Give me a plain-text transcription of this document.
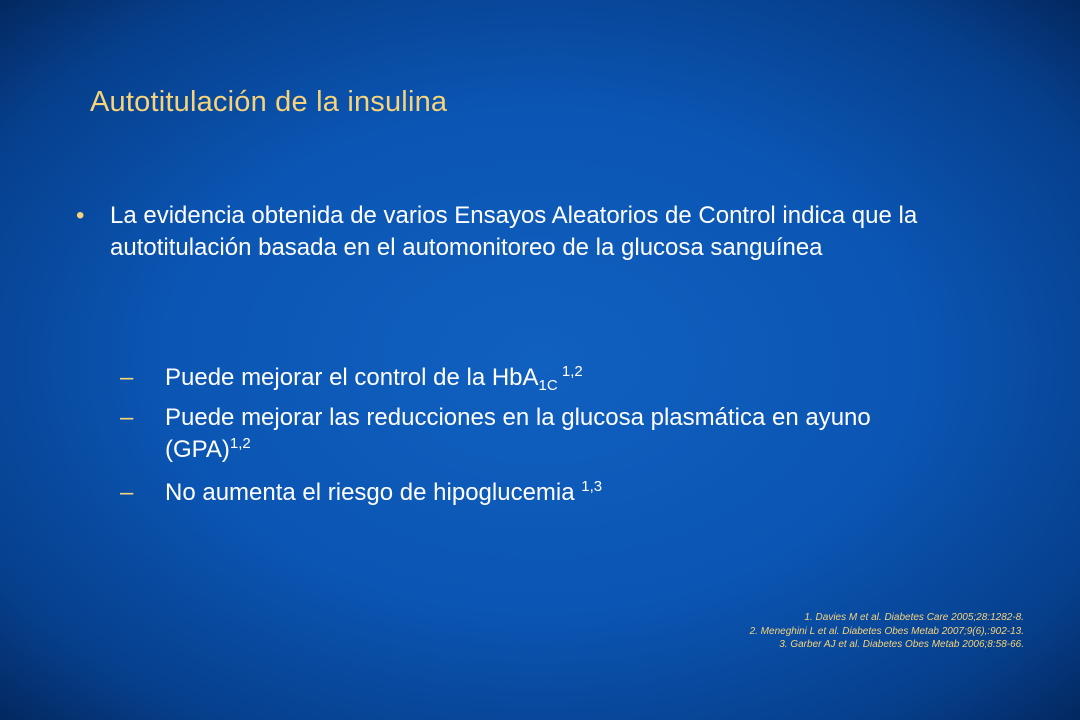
Autotitulación de la insulina
• La evidencia obtenida de varios Ensayos Aleatorios de Control indica que la autotitulación basada en el automonitoreo de la glucosa sanguínea
– Puede mejorar el control de la HbA$_{1C}$ $^{1,2}$
– Puede mejorar las reducciones en la glucosa plasmática en ayuno (GPA)$^{1,2}$
– No aumenta el riesgo de hipoglucemia $^{1,3}$
1. Davies M et al. Diabetes Care 2005;28:1282-8.
2. Meneghini L et al. Diabetes Obes Metab 2007;9(6),:902-13.
3. Garber AJ et al. Diabetes Obes Metab 2006;8:58-66.
